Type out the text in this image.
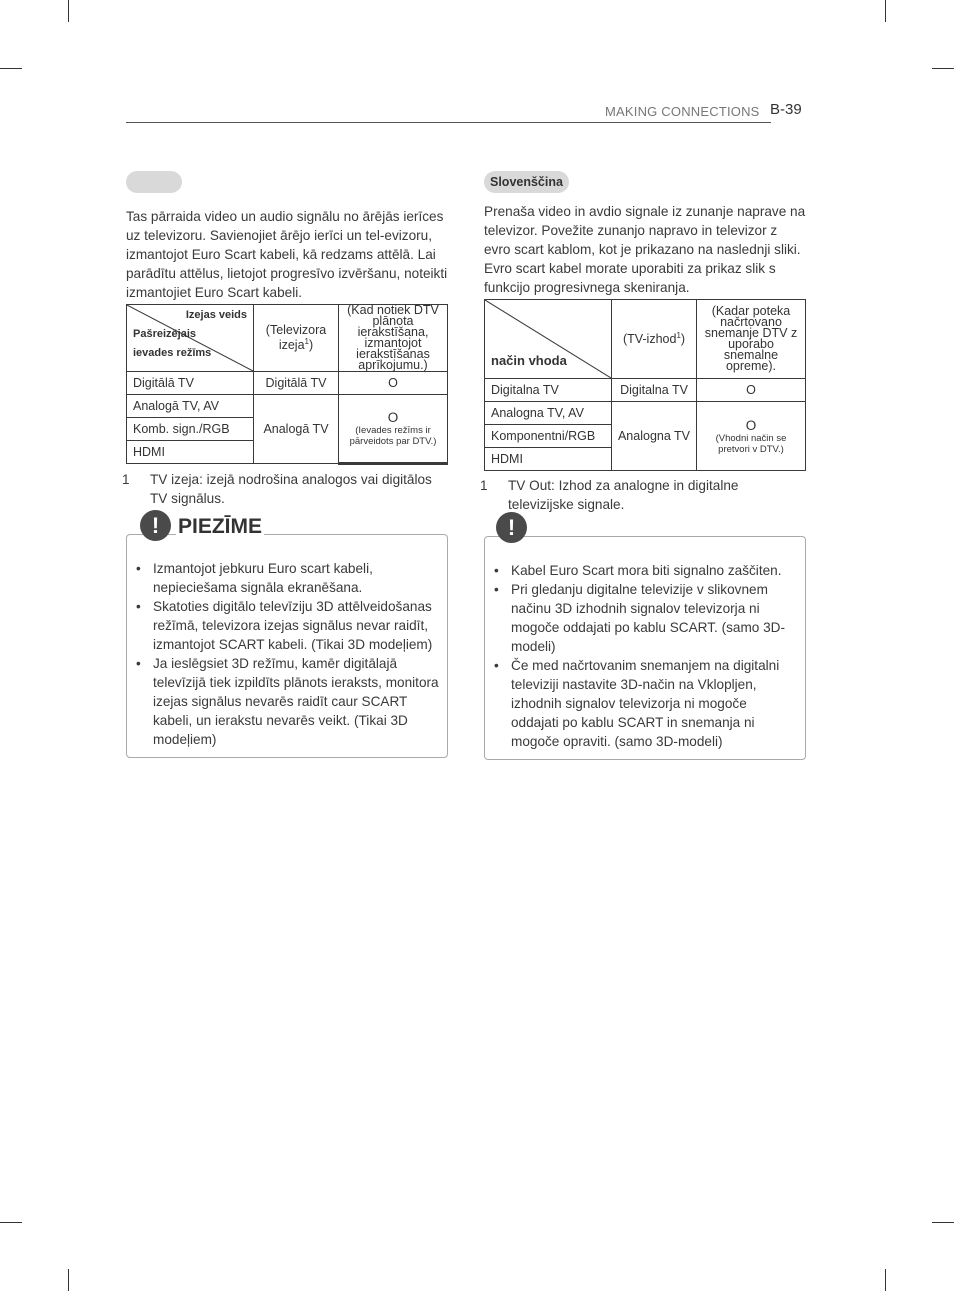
MAKING CONNECTIONS B-39
Tas pārraida video un audio signālu no ārējās ierīces uz televizoru. Savienojiet ārējo ierīci un tel-evizoru, izmantojot Euro Scart kabeli, kā redzams attēlā. Lai parādītu attēlus, lietojot progresīvo izvēršanu, noteikti izmantojiet Euro Scart kabeli.
Izejas veids
Pašreizējais
ievades režīms	(Televizora izeja$^1$)	(Kad notiek DTV plānota ierakstīšana, izmantojot ierakstīšanas aprīkojumu.)
Digitālā TV	Digitālā TV	O
Analogā TV, AV	Analogā TV	O
(Ievades režīms ir pārveidots par DTV.)

Komb. sign./RGB		
HDMI		
1 TV izeja: izejā nodrošina analogos vai digitālos TV signālus.
! PIEZĪME
• Izmantojot jebkuru Euro scart kabeli, nepieciešama signāla ekranēšana.
• Skatoties digitālo televīziju 3D attēlveidošanas režīmā, televizora izejas signālus nevar raidīt, izmantojot SCART kabeli. (Tikai 3D modeļiem)
• Ja ieslēgsiet 3D režīmu, kamēr digitālajā televīzijā tiek izpildīts plānots ieraksts, monitora izejas signālus nevarēs raidīt caur SCART kabeli, un ierakstu nevarēs veikt. (Tikai 3D modeļiem)
Slovenščina
Prenaša video in avdio signale iz zunanje naprave na televizor. Povežite zunanjo napravo in televizor z evro scart kablom, kot je prikazano na naslednji sliki. Evro scart kabel morate uporabiti za prikaz slik s funkcijo progresivnega skeniranja.
način vhoda	(TV-izhod$^1$)	(Kadar poteka načrtovano snemanje DTV z uporabo snemalne opreme).
Digitalna TV	Digitalna TV	O
Analogna TV, AV	Analogna TV	O
(Vhodni način se pretvori v DTV.)

Komponentni/RGB		
HDMI		
1 TV Out: Izhod za analogne in digitalne televizijske signale.
!
• Kabel Euro Scart mora biti signalno zaščiten.
• Pri gledanju digitalne televizije v slikovnem načinu 3D izhodnih signalov televizorja ni mogoče oddajati po kablu SCART. (samo 3D-modeli)
• Če med načrtovanim snemanjem na digitalni televiziji nastavite 3D-način na Vklopljen, izhodnih signalov televizorja ni mogoče oddajati po kablu SCART in snemanja ni mogoče opraviti. (samo 3D-modeli)
